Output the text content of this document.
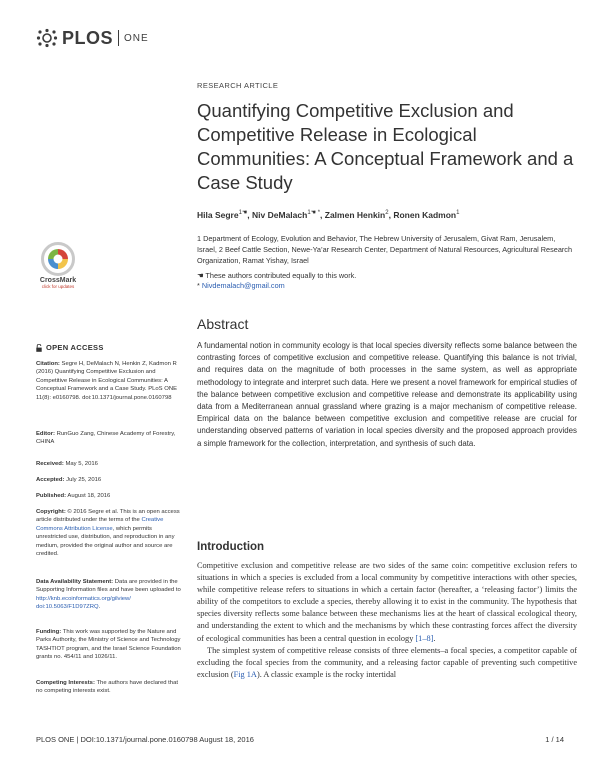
PLOS ONE
RESEARCH ARTICLE
Quantifying Competitive Exclusion and Competitive Release in Ecological Communities: A Conceptual Framework and a Case Study
Hila Segre$^{1☚}$, Niv DeMalach$^{1☚ *}$, Zalmen Henkin$^2$, Ronen Kadmon$^1$
1 Department of Ecology, Evolution and Behavior, The Hebrew University of Jerusalem, Givat Ram, Jerusalem, Israel, 2 Beef Cattle Section, Newe-Ya’ar Research Center, Department of Natural Resources, Agricultural Research Organization, Ramat Yishay, Israel
☚ These authors contributed equally to this work.
* Nivdemalach@gmail.com
Abstract
A fundamental notion in community ecology is that local species diversity reflects some balance between the contrasting forces of competitive exclusion and competitive release. Quantifying this balance is not trivial, and requires data on the magnitude of both processes in the same system, as well as appropriate methodology to integrate and interpret such data. Here we present a novel framework for empirical studies of the balance between competitive exclusion and competitive release and demonstrate its applicability using data from a Mediterranean annual grassland where grazing is a major mechanism of competitive release. Empirical data on the balance between competitive exclusion and competitive release are crucial for understanding observed patterns of variation in local species diversity and the proposed approach provides a simple framework for the collection, interpretation, and synthesis of such data.
Introduction

Competitive exclusion and competitive release are two sides of the same coin: competitive exclusion refers to situations in which a species is excluded from a local community by competitive interactions with other species, while competitive release refers to situations in which a certain factor (hereafter, a ‘releasing factor’) limits the ability of the competitors to exclude a species, thereby allowing it to exist in the community. The hypothesis that species diversity reflects some balance between these mechanisms lies at the heart of classical ecological theory, and understanding the extent to which and the mechanisms by which these contrasting forces affect the diversity of ecological communities has been a central question in ecology [1–8].

The simplest system of competitive release consists of three elements–a focal species, a competitor capable of excluding the focal species from the community, and a releasing factor capable of preventing such competitive exclusion (Fig 1A). A classic example is the rocky intertidal

CrossMark
click for updates
OPEN ACCESS
Citation: Segre H, DeMalach N, Henkin Z, Kadmon R (2016) Quantifying Competitive Exclusion and Competitive Release in Ecological Communities: A Conceptual Framework and a Case Study. PLoS ONE 11(8): e0160798. doi:10.1371/journal.pone.0160798
Editor: RunGuo Zang, Chinese Academy of Forestry, CHINA
Received: May 5, 2016
Accepted: July 25, 2016
Published: August 18, 2016
Copyright: © 2016 Segre et al. This is an open access article distributed under the terms of the Creative Commons Attribution License, which permits unrestricted use, distribution, and reproduction in any medium, provided the original author and source are credited.
Data Availability Statement: Data are provided in the Supporting Information files and have been uploaded to http://knb.ecoinformatics.org/gilview/ doi:10.5063/F1D97ZRQ.
Funding: This work was supported by the Nature and Parks Authority, the Ministry of Science and Technology TASHTIOT program, and the Israel Science Foundation grants no. 454/11 and 1026/11.
Competing Interests: The authors have declared that no competing interests exist.
PLOS ONE | DOI:10.1371/journal.pone.0160798 August 18, 2016	1 / 14
